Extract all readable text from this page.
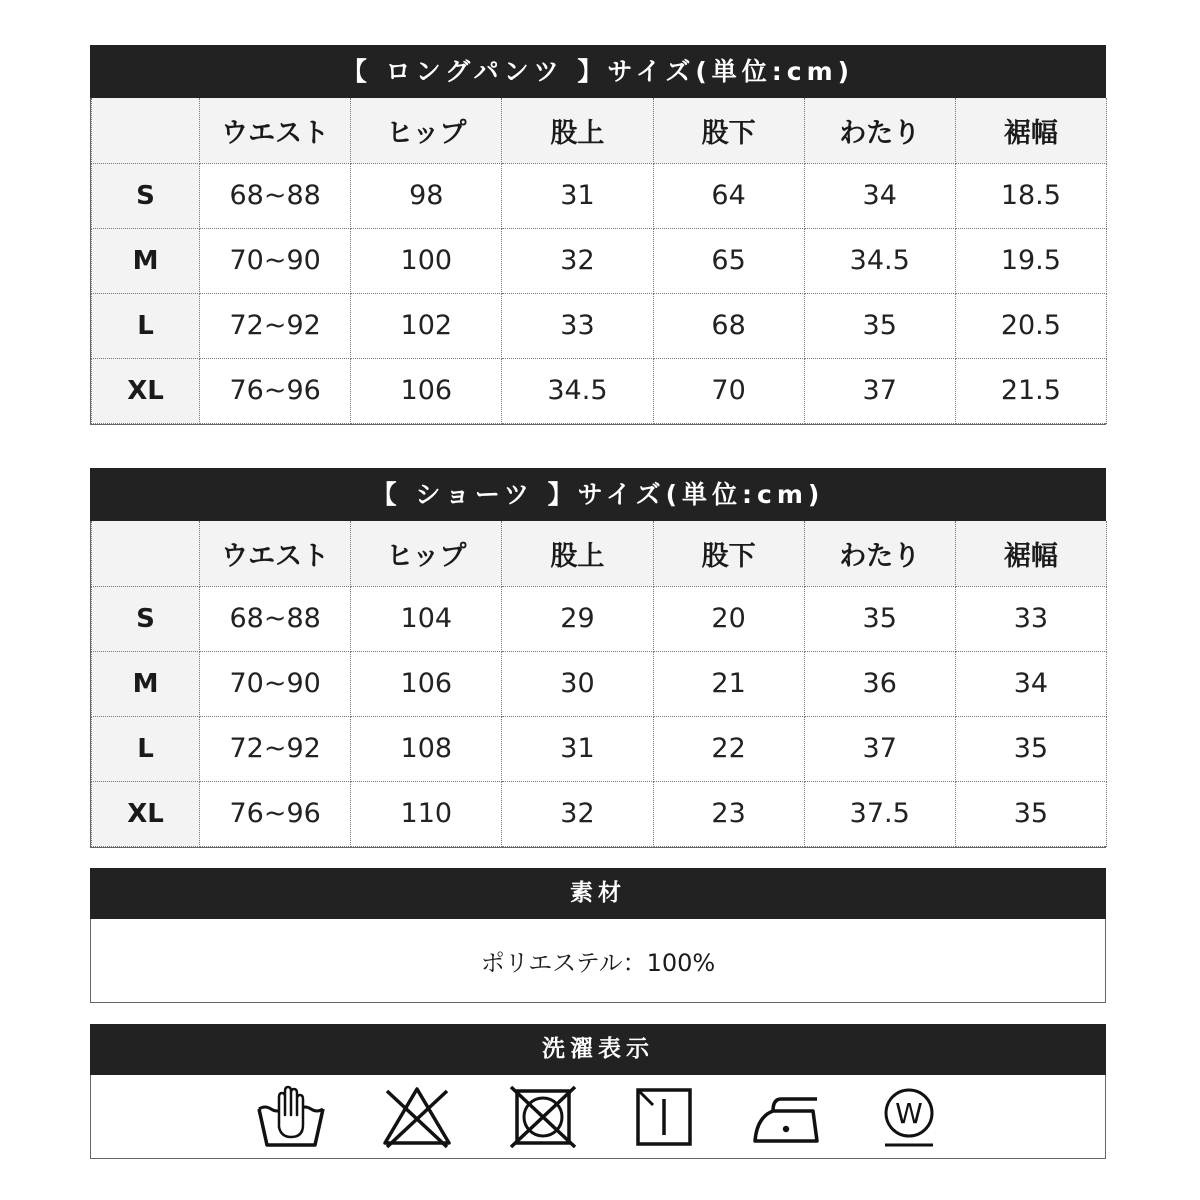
【 ロングパンツ 】サイズ(単位:cm)
	ウエスト	ヒップ	股上	股下	わたり	裾幅
S	68~88	98	31	64	34	18.5
M	70~90	100	32	65	34.5	19.5
L	72~92	102	33	68	35	20.5
XL	76~96	106	34.5	70	37	21.5
【 ショーツ 】サイズ(単位:cm)
	ウエスト	ヒップ	股上	股下	わたり	裾幅
S	68~88	104	29	20	35	33
M	70~90	106	30	21	36	34
L	72~92	108	31	22	37	35
XL	76~96	110	32	23	37.5	35
素材
ポリエステル：100%
洗濯表示
W
